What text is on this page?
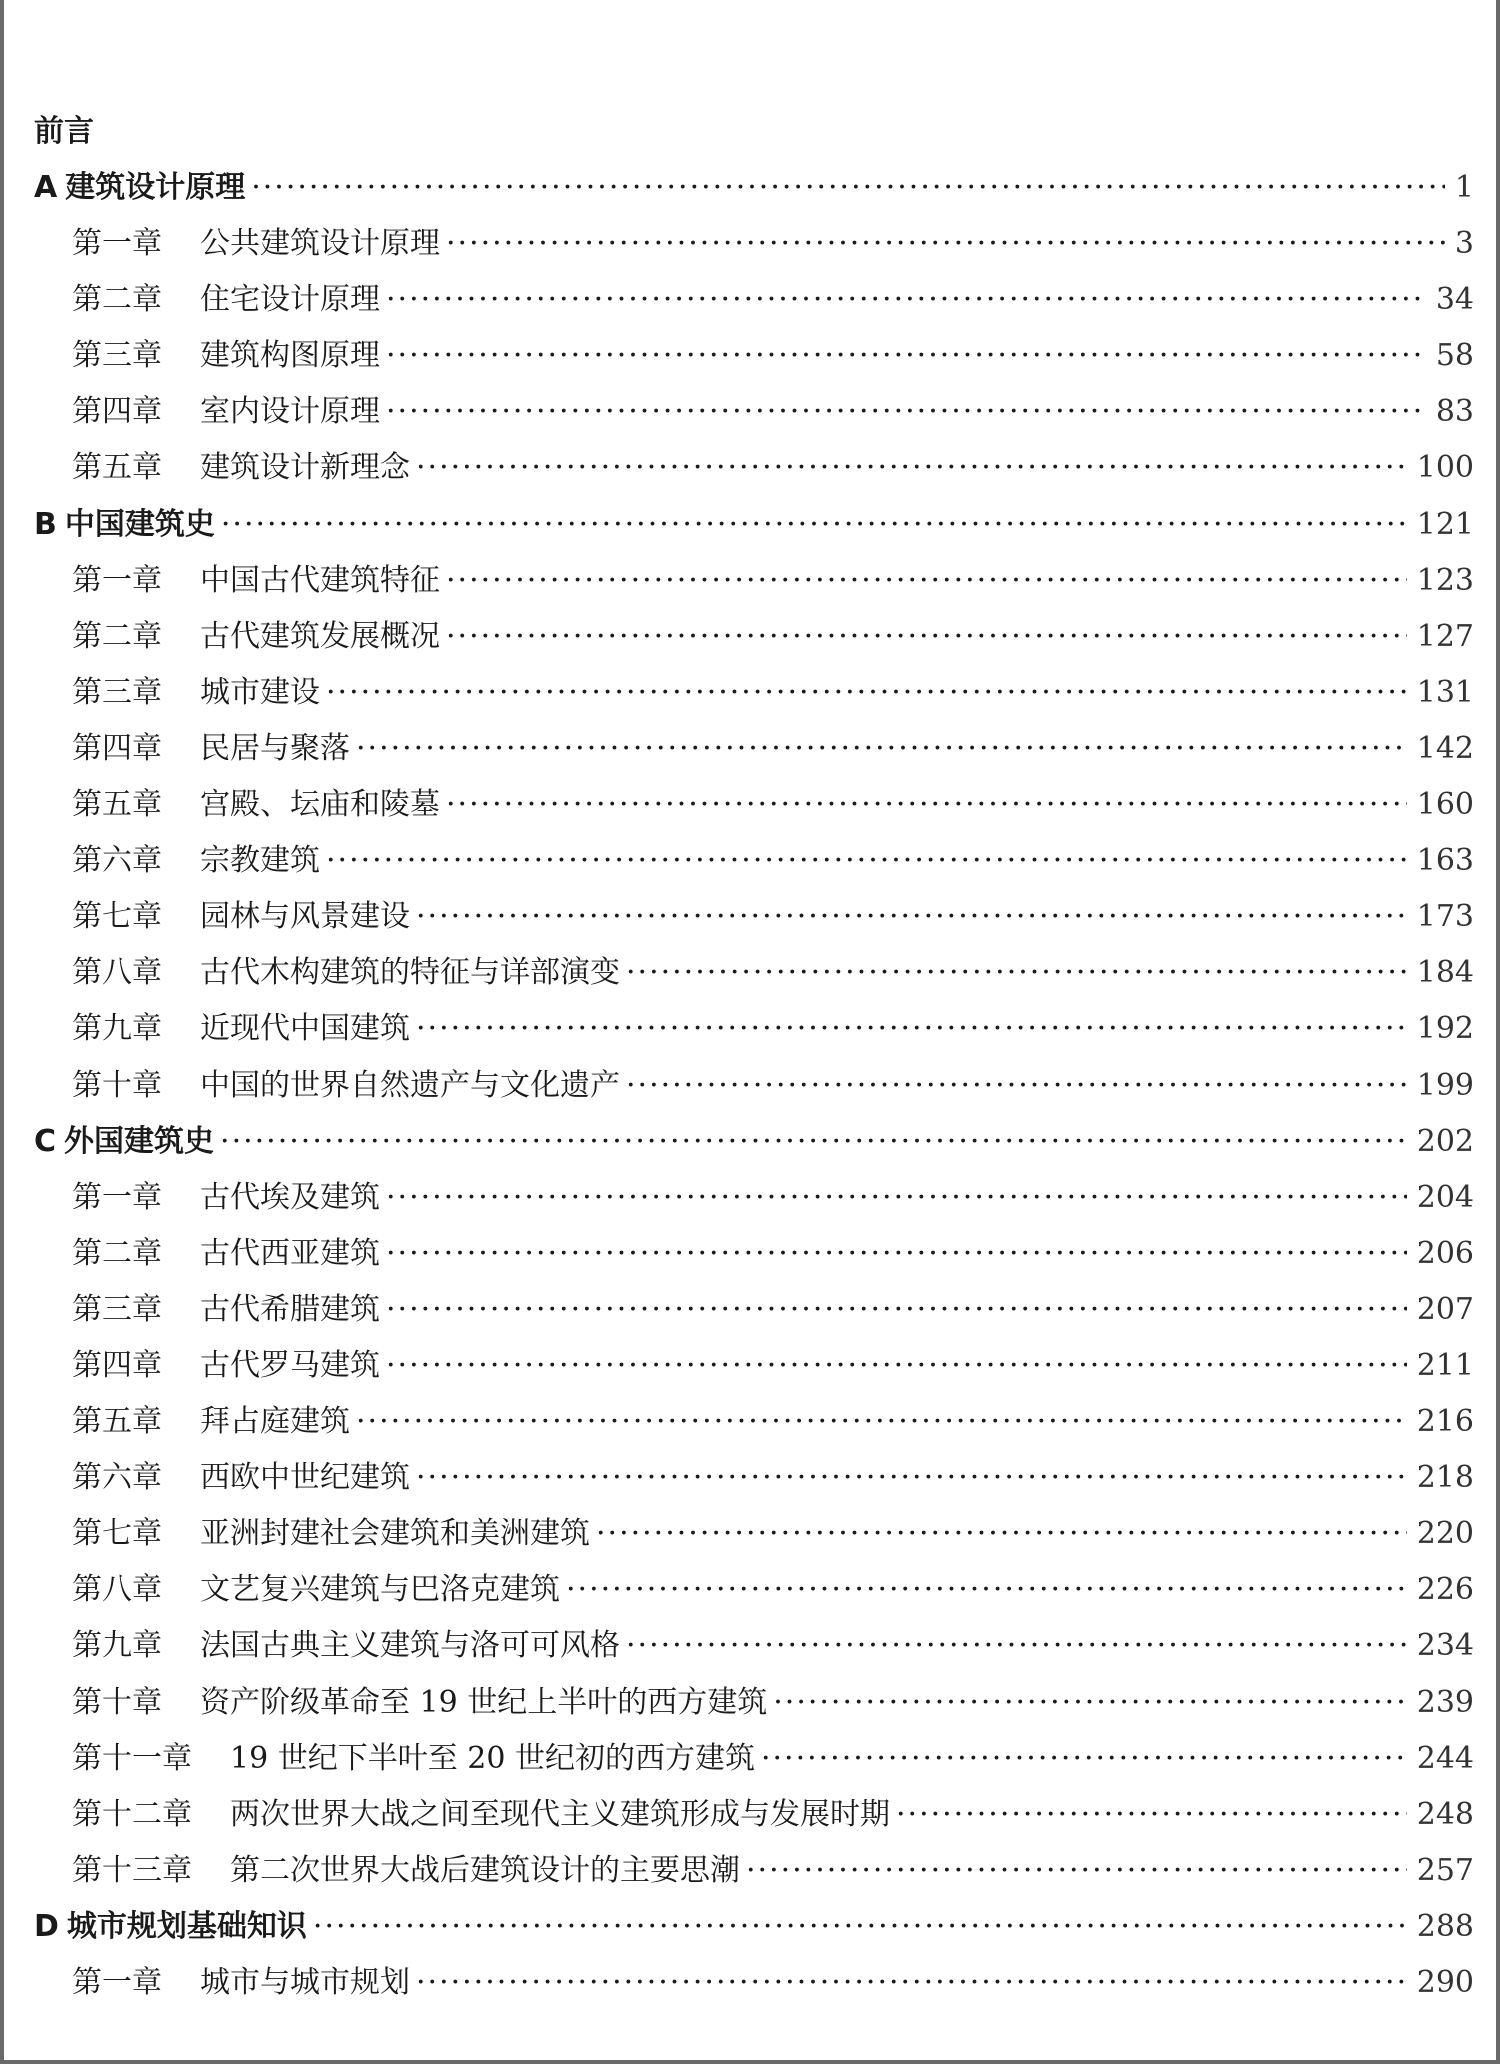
前言
A 建筑设计原理 ·····	1
第一章 公共建筑设计原理 ·····	3
第二章 住宅设计原理 ·····	34
第三章 建筑构图原理 ·····	58
第四章 室内设计原理 ·····	83
第五章 建筑设计新理念 ·····	100
B 中国建筑史 ·····	121
第一章 中国古代建筑特征 ·····	123
第二章 古代建筑发展概况 ·····	127
第三章 城市建设 ·····	131
第四章 民居与聚落 ·····	142
第五章 宫殿、坛庙和陵墓 ·····	160
第六章 宗教建筑 ·····	163
第七章 园林与风景建设 ·····	173
第八章 古代木构建筑的特征与详部演变 ·····	184
第九章 近现代中国建筑 ·····	192
第十章 中国的世界自然遗产与文化遗产 ·····	199
C 外国建筑史 ·····	202
第一章 古代埃及建筑 ·····	204
第二章 古代西亚建筑 ·····	206
第三章 古代希腊建筑 ·····	207
第四章 古代罗马建筑 ·····	211
第五章 拜占庭建筑 ·····	216
第六章 西欧中世纪建筑 ·····	218
第七章 亚洲封建社会建筑和美洲建筑 ·····	220
第八章 文艺复兴建筑与巴洛克建筑 ·····	226
第九章 法国古典主义建筑与洛可可风格 ·····	234
第十章 资产阶级革命至 19 世纪上半叶的西方建筑 ·····	239
第十一章 19 世纪下半叶至 20 世纪初的西方建筑 ·····	244
第十二章 两次世界大战之间至现代主义建筑形成与发展时期 ·····	248
第十三章 第二次世界大战后建筑设计的主要思潮 ·····	257
D 城市规划基础知识 ·····	288
第一章 城市与城市规划 ·····	290
